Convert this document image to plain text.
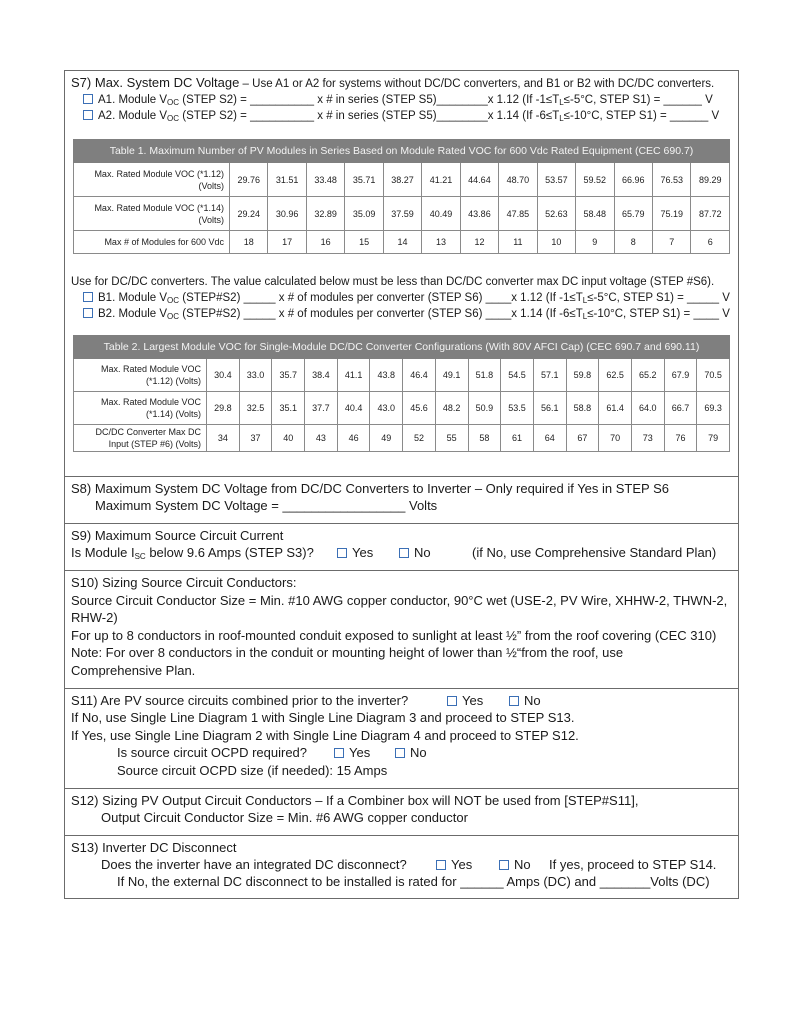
S7) Max. System DC Voltage – Use A1 or A2 for systems without DC/DC converters, and B1 or B2 with DC/DC converters.
A1. Module $V_{OC}$ (STEP S2) = __________ x # in series (STEP S5)________x 1.12 (If $-1\le T_L\le-5^\circ C$, STEP S1) = ______ V
A2. Module $V_{OC}$ (STEP S2) = __________ x # in series (STEP S5)________x 1.14 (If $-6\le T_L\le-10^\circ C$, STEP S1) = ______ V
Table 1. Maximum Number of PV Modules in Series Based on Module Rated VOC for 600 Vdc Rated Equipment (CEC 690.7)													
Max. Rated Module VOC (*1.12) (Volts)	29.76	31.51	33.48	35.71	38.27	41.21	44.64	48.70	53.57	59.52	66.96	76.53	89.29
Max. Rated Module VOC (*1.14) (Volts)	29.24	30.96	32.89	35.09	37.59	40.49	43.86	47.85	52.63	58.48	65.79	75.19	87.72
Max # of Modules for 600 Vdc	18	17	16	15	14	13	12	11	10	9	8	7	6
Use for DC/DC converters. The value calculated below must be less than DC/DC converter max DC input voltage (STEP #S6).
B1. Module $V_{OC}$ (STEP#S2) _____ x # of modules per converter (STEP S6) ____x 1.12 (If $-1\le T_L\le-5^\circ C$, STEP S1) = _____ V
B2. Module $V_{OC}$ (STEP#S2) _____ x # of modules per converter (STEP S6) ____x 1.14 (If $-6\le T_L\le-10^\circ C$, STEP S1) = ____ V
Table 2. Largest Module VOC for Single-Module DC/DC Converter Configurations (With 80V AFCI Cap) (CEC 690.7 and 690.11)																
Max. Rated Module VOC (*1.12) (Volts)	30.4	33.0	35.7	38.4	41.1	43.8	46.4	49.1	51.8	54.5	57.1	59.8	62.5	65.2	67.9	70.5
Max. Rated Module VOC (*1.14) (Volts)	29.8	32.5	35.1	37.7	40.4	43.0	45.6	48.2	50.9	53.5	56.1	58.8	61.4	64.0	66.7	69.3
DC/DC Converter Max DC Input (STEP #6) (Volts)	34	37	40	43	46	49	52	55	58	61	64	67	70	73	76	79
S8) Maximum System DC Voltage from DC/DC Converters to Inverter – Only required if Yes in STEP S6
Maximum System DC Voltage = _________________ Volts
S9) Maximum Source Circuit Current
Is Module $I_{SC}$ below 9.6 Amps (STEP S3)?	Yes	No	(if No, use Comprehensive Standard Plan)
S10) Sizing Source Circuit Conductors:
Source Circuit Conductor Size = Min. #10 AWG copper conductor, 90°C wet (USE-2, PV Wire, XHHW-2, THWN-2,
RHW-2)
For up to 8 conductors in roof-mounted conduit exposed to sunlight at least ½” from the roof covering (CEC 310)
Note: For over 8 conductors in the conduit or mounting height of lower than ½“from the roof, use
Comprehensive Plan.
S11) Are PV source circuits combined prior to the inverter?	Yes	No
If No, use Single Line Diagram 1 with Single Line Diagram 3 and proceed to STEP S13.
If Yes, use Single Line Diagram 2 with Single Line Diagram 4 and proceed to STEP S12.
Is source circuit OCPD required?	Yes	No
Source circuit OCPD size (if needed): 15 Amps
S12) Sizing PV Output Circuit Conductors – If a Combiner box will NOT be used from [STEP#S11],
Output Circuit Conductor Size = Min. #6 AWG copper conductor
S13) Inverter DC Disconnect
Does the inverter have an integrated DC disconnect?	Yes	No If yes, proceed to STEP S14.
If No, the external DC disconnect to be installed is rated for ______ Amps (DC) and _______Volts (DC)
